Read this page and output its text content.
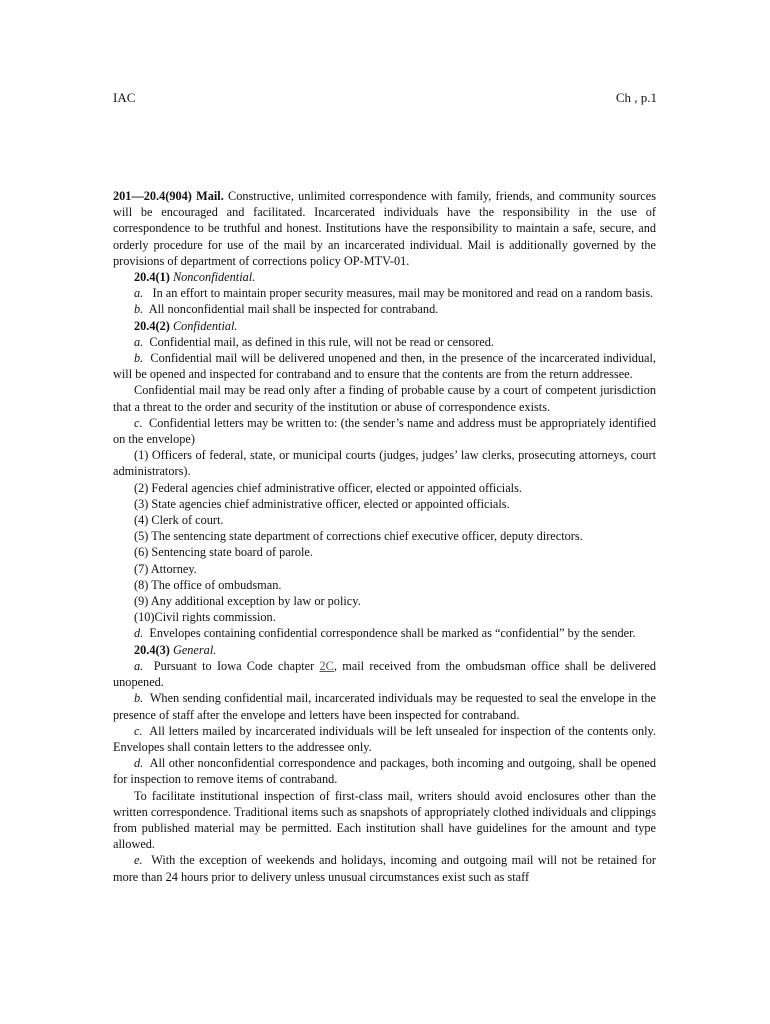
IAC	Ch , p.1

201—20.4(904) Mail. Constructive, unlimited correspondence with family, friends, and community sources will be encouraged and facilitated. Incarcerated individuals have the responsibility in the use of correspondence to be truthful and honest. Institutions have the responsibility to maintain a safe, secure, and orderly procedure for use of the mail by an incarcerated individual. Mail is additionally governed by the provisions of department of corrections policy OP-MTV-01.

20.4(1) Nonconfidential.

a. In an effort to maintain proper security measures, mail may be monitored and read on a random basis.

b. All nonconfidential mail shall be inspected for contraband.

20.4(2) Confidential.

a. Confidential mail, as defined in this rule, will not be read or censored.

b. Confidential mail will be delivered unopened and then, in the presence of the incarcerated individual, will be opened and inspected for contraband and to ensure that the contents are from the return addressee.

Confidential mail may be read only after a finding of probable cause by a court of competent jurisdiction that a threat to the order and security of the institution or abuse of correspondence exists.

c. Confidential letters may be written to: (the sender’s name and address must be appropriately identified on the envelope)

(1) Officers of federal, state, or municipal courts (judges, judges’ law clerks, prosecuting attorneys, court administrators).

(2) Federal agencies chief administrative officer, elected or appointed officials.

(3) State agencies chief administrative officer, elected or appointed officials.

(4) Clerk of court.

(5) The sentencing state department of corrections chief executive officer, deputy directors.

(6) Sentencing state board of parole.

(7) Attorney.

(8) The office of ombudsman.

(9) Any additional exception by law or policy.

(10)Civil rights commission.

d. Envelopes containing confidential correspondence shall be marked as “confidential” by the sender.

20.4(3) General.

a. Pursuant to Iowa Code chapter 2C, mail received from the ombudsman office shall be delivered unopened.

b. When sending confidential mail, incarcerated individuals may be requested to seal the envelope in the presence of staff after the envelope and letters have been inspected for contraband.

c. All letters mailed by incarcerated individuals will be left unsealed for inspection of the contents only. Envelopes shall contain letters to the addressee only.

d. All other nonconfidential correspondence and packages, both incoming and outgoing, shall be opened for inspection to remove items of contraband.

To facilitate institutional inspection of first-class mail, writers should avoid enclosures other than the written correspondence. Traditional items such as snapshots of appropriately clothed individuals and clippings from published material may be permitted. Each institution shall have guidelines for the amount and type allowed.

e. With the exception of weekends and holidays, incoming and outgoing mail will not be retained for more than 24 hours prior to delivery unless unusual circumstances exist such as staff
